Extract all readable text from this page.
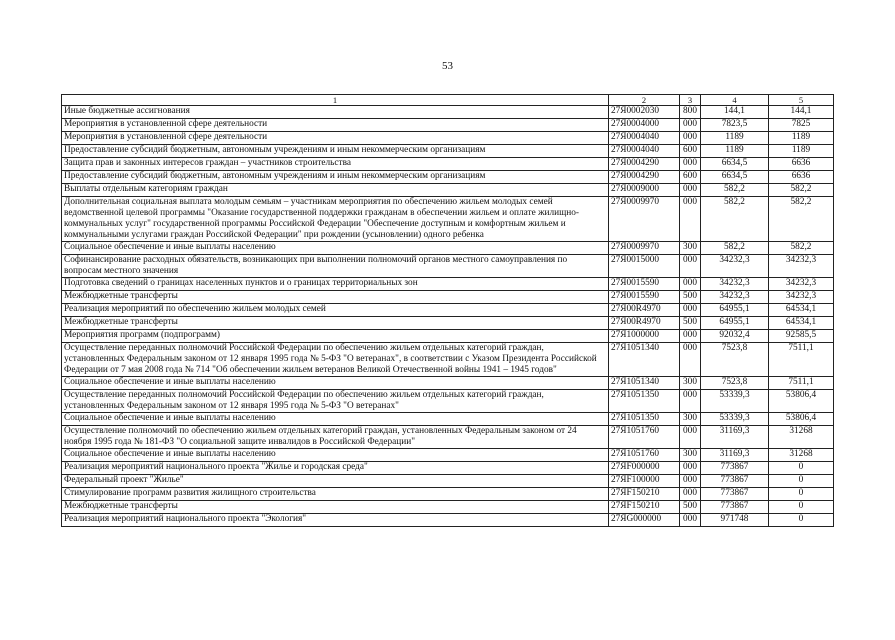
53
1	2	3	4	5
Иные бюджетные ассигнования	27Я0002030	800	144,1	144,1
Мероприятия в установленной сфере деятельности	27Я0004000	000	7823,5	7825
Мероприятия в установленной сфере деятельности	27Я0004040	000	1189	1189
Предоставление субсидий бюджетным, автономным учреждениям и иным некоммерческим организациям	27Я0004040	600	1189	1189
Защита прав и законных интересов граждан – участников строительства	27Я0004290	000	6634,5	6636
Предоставление субсидий бюджетным, автономным учреждениям и иным некоммерческим организациям	27Я0004290	600	6634,5	6636
Выплаты отдельным категориям граждан	27Я0009000	000	582,2	582,2
Дополнительная социальная выплата молодым семьям – участникам мероприятия по обеспечению жильем молодых семей ведомственной целевой программы "Оказание государственной поддержки гражданам в обеспечении жильем и оплате жилищно-коммунальных услуг" государственной программы Российской Федерации "Обеспечение доступным и комфортным жильем и коммунальными услугами граждан Российской Федерации" при рождении (усыновлении) одного ребенка	27Я0009970	000	582,2	582,2
Социальное обеспечение и иные выплаты населению	27Я0009970	300	582,2	582,2
Софинансирование расходных обязательств, возникающих при выполнении полномочий органов местного самоуправления по вопросам местного значения	27Я0015000	000	34232,3	34232,3
Подготовка сведений о границах населенных пунктов и о границах территориальных зон	27Я0015590	000	34232,3	34232,3
Межбюджетные трансферты	27Я0015590	500	34232,3	34232,3
Реализация мероприятий по обеспечению жильем молодых семей	27Я00R4970	000	64955,1	64534,1
Межбюджетные трансферты	27Я00R4970	500	64955,1	64534,1
Мероприятия программ (подпрограмм)	27Я1000000	000	92032,4	92585,5
Осуществление переданных полномочий Российской Федерации по обеспечению жильем отдельных категорий граждан, установленных Федеральным законом от 12 января 1995 года № 5-ФЗ "О ветеранах", в соответствии с Указом Президента Российской Федерации от 7 мая 2008 года № 714 "Об обеспечении жильем ветеранов Великой Отечественной войны 1941 – 1945 годов"	27Я1051340	000	7523,8	7511,1
Социальное обеспечение и иные выплаты населению	27Я1051340	300	7523,8	7511,1
Осуществление переданных полномочий Российской Федерации по обеспечению жильем отдельных категорий граждан, установленных Федеральным законом от 12 января 1995 года № 5-ФЗ "О ветеранах"	27Я1051350	000	53339,3	53806,4
Социальное обеспечение и иные выплаты населению	27Я1051350	300	53339,3	53806,4
Осуществление полномочий по обеспечению жильем отдельных категорий граждан, установленных Федеральным законом от 24 ноября 1995 года № 181-ФЗ "О социальной защите инвалидов в Российской Федерации"	27Я1051760	000	31169,3	31268
Социальное обеспечение и иные выплаты населению	27Я1051760	300	31169,3	31268
Реализация мероприятий национального проекта "Жилье и городская среда"	27ЯF000000	000	773867	0
Федеральный проект "Жилье"	27ЯF100000	000	773867	0
Стимулирование программ развития жилищного строительства	27ЯF150210	000	773867	0
Межбюджетные трансферты	27ЯF150210	500	773867	0
Реализация мероприятий национального проекта "Экология"	27ЯG000000	000	971748	0
